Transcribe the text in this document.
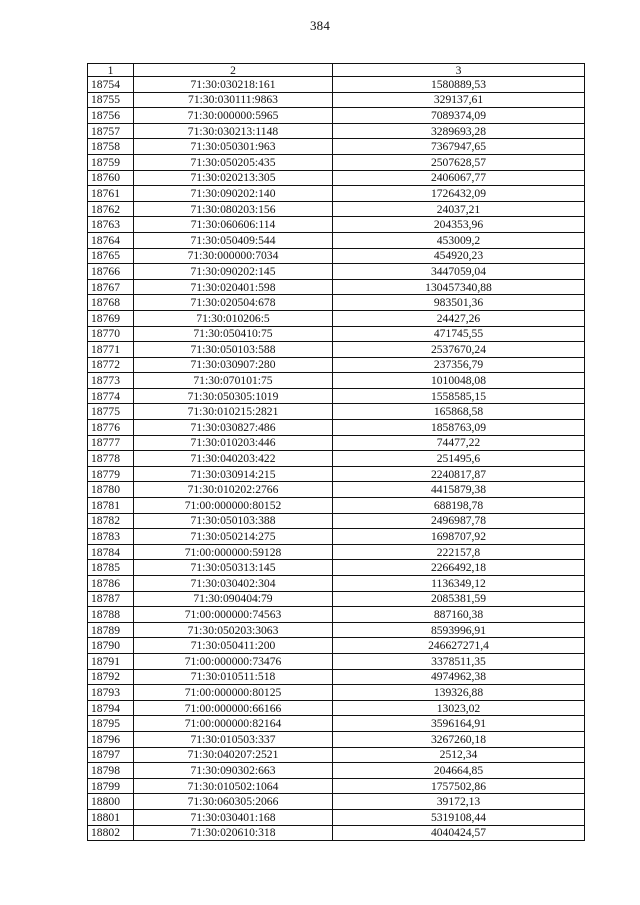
384
1	2	3
18754	71:30:030218:161	1580889,53
18755	71:30:030111:9863	329137,61
18756	71:30:000000:5965	7089374,09
18757	71:30:030213:1148	3289693,28
18758	71:30:050301:963	7367947,65
18759	71:30:050205:435	2507628,57
18760	71:30:020213:305	2406067,77
18761	71:30:090202:140	1726432,09
18762	71:30:080203:156	24037,21
18763	71:30:060606:114	204353,96
18764	71:30:050409:544	453009,2
18765	71:30:000000:7034	454920,23
18766	71:30:090202:145	3447059,04
18767	71:30:020401:598	130457340,88
18768	71:30:020504:678	983501,36
18769	71:30:010206:5	24427,26
18770	71:30:050410:75	471745,55
18771	71:30:050103:588	2537670,24
18772	71:30:030907:280	237356,79
18773	71:30:070101:75	1010048,08
18774	71:30:050305:1019	1558585,15
18775	71:30:010215:2821	165868,58
18776	71:30:030827:486	1858763,09
18777	71:30:010203:446	74477,22
18778	71:30:040203:422	251495,6
18779	71:30:030914:215	2240817,87
18780	71:30:010202:2766	4415879,38
18781	71:00:000000:80152	688198,78
18782	71:30:050103:388	2496987,78
18783	71:30:050214:275	1698707,92
18784	71:00:000000:59128	222157,8
18785	71:30:050313:145	2266492,18
18786	71:30:030402:304	1136349,12
18787	71:30:090404:79	2085381,59
18788	71:00:000000:74563	887160,38
18789	71:30:050203:3063	8593996,91
18790	71:30:050411:200	246627271,4
18791	71:00:000000:73476	3378511,35
18792	71:30:010511:518	4974962,38
18793	71:00:000000:80125	139326,88
18794	71:00:000000:66166	13023,02
18795	71:00:000000:82164	3596164,91
18796	71:30:010503:337	3267260,18
18797	71:30:040207:2521	2512,34
18798	71:30:090302:663	204664,85
18799	71:30:010502:1064	1757502,86
18800	71:30:060305:2066	39172,13
18801	71:30:030401:168	5319108,44
18802	71:30:020610:318	4040424,57
